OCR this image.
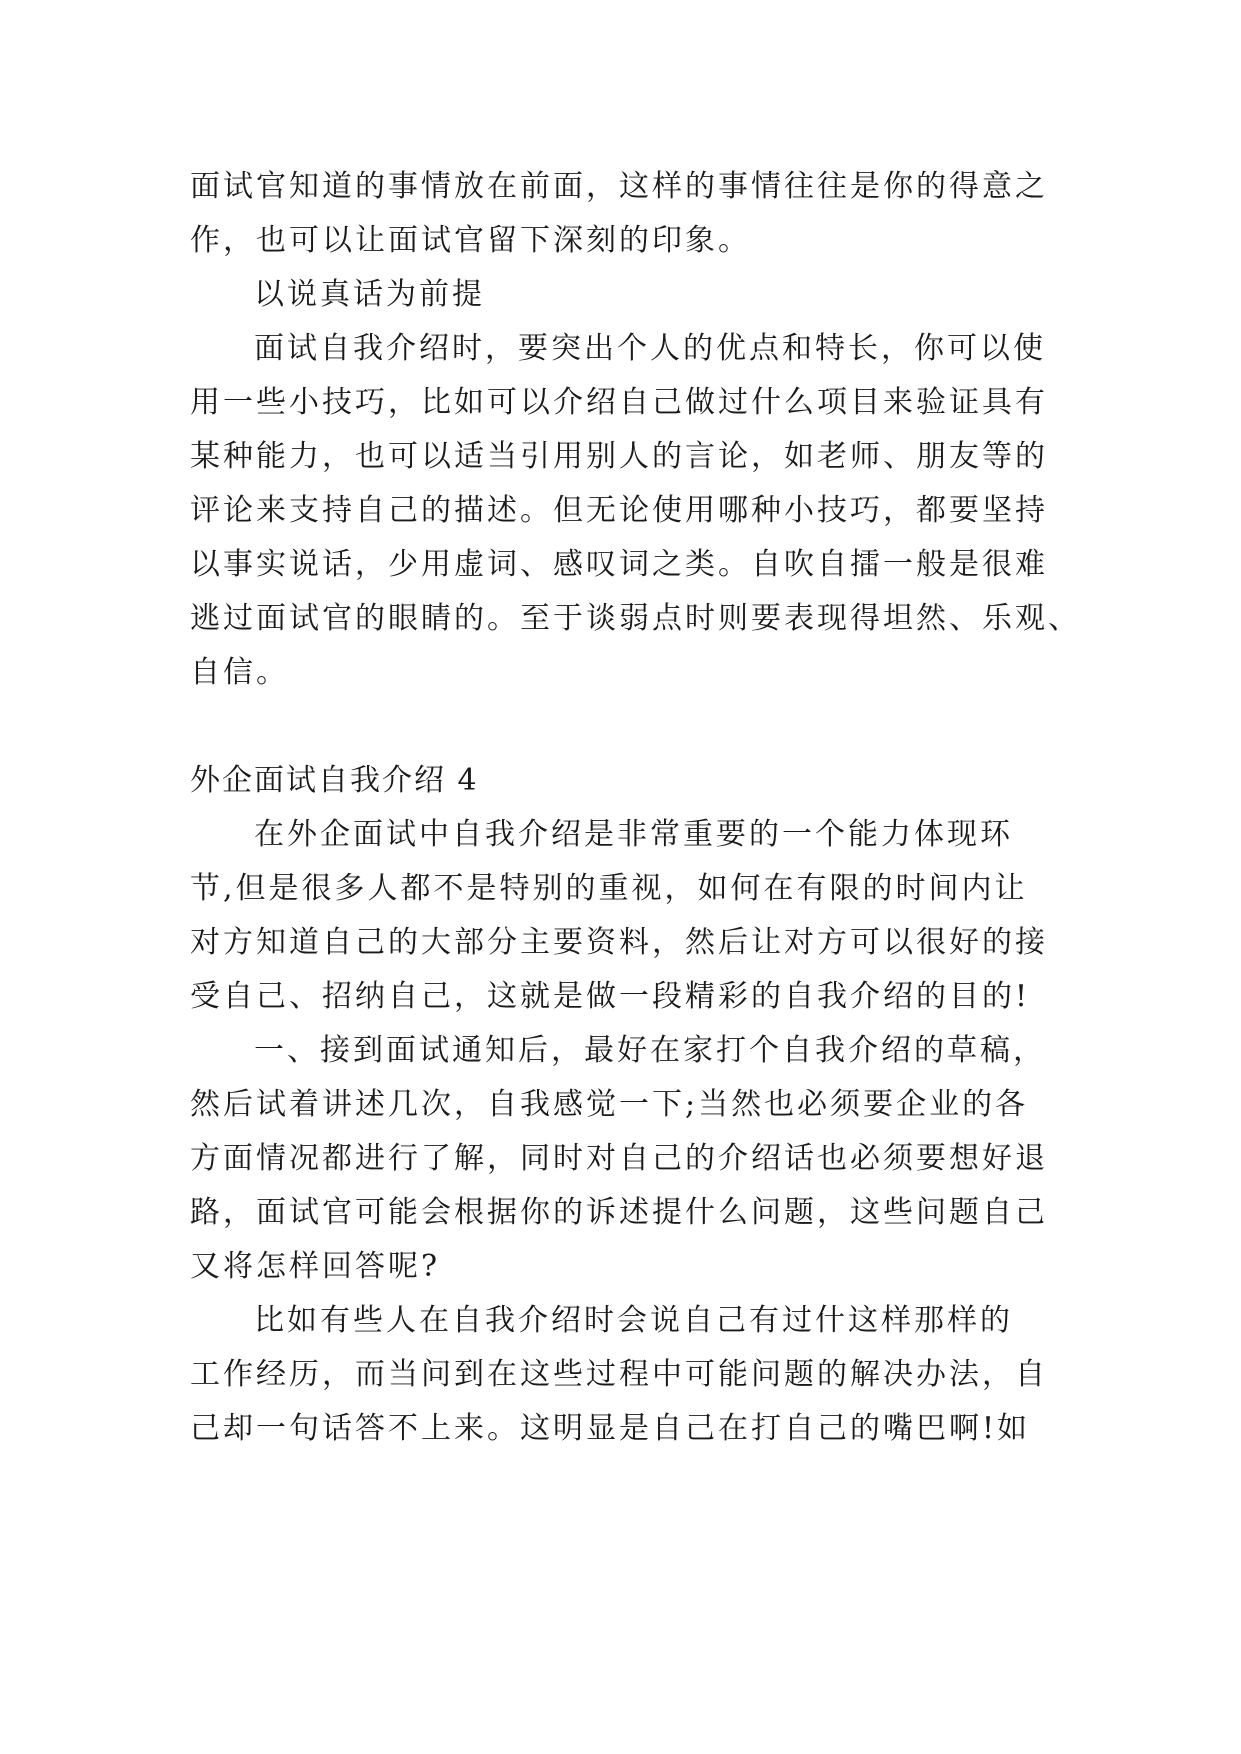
面试官知道的事情放在前面，这样的事情往往是你的得意之
作，也可以让面试官留下深刻的印象。
以说真话为前提
面试自我介绍时，要突出个人的优点和特长，你可以使
用一些小技巧，比如可以介绍自己做过什么项目来验证具有
某种能力，也可以适当引用别人的言论，如老师、朋友等的
评论来支持自己的描述。但无论使用哪种小技巧，都要坚持
以事实说话，少用虚词、感叹词之类。自吹自擂一般是很难
逃过面试官的眼睛的。至于谈弱点时则要表现得坦然、乐观、
自信。
外企面试自我介绍 4
在外企面试中自我介绍是非常重要的一个能力体现环
节,但是很多人都不是特别的重视，如何在有限的时间内让
对方知道自己的大部分主要资料，然后让对方可以很好的接
受自己、招纳自己，这就是做一段精彩的自我介绍的目的!
一、接到面试通知后，最好在家打个自我介绍的草稿，
然后试着讲述几次，自我感觉一下;当然也必须要企业的各
方面情况都进行了解，同时对自己的介绍话也必须要想好退
路，面试官可能会根据你的诉述提什么问题，这些问题自己
又将怎样回答呢?
比如有些人在自我介绍时会说自己有过什这样那样的
工作经历，而当问到在这些过程中可能问题的解决办法，自
己却一句话答不上来。这明显是自己在打自己的嘴巴啊!如
